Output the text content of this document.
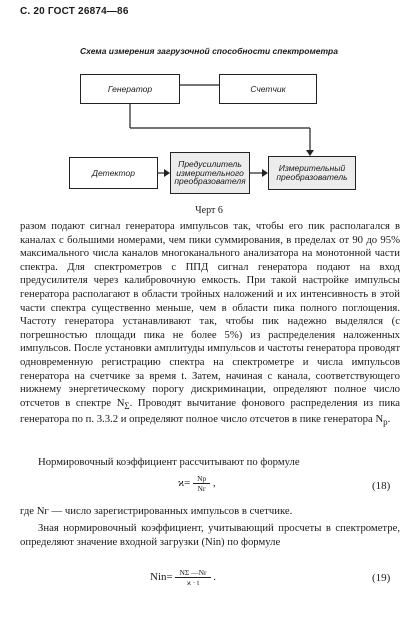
С. 20 ГОСТ 26874—86
Схема измерения загрузочной способности спектрометра
Генератор	Счетчик
Детектор
Предусилитель
измерительного
преобразователя
Измерительный
преобразователь
Черт 6

разом подают сигнал генератора импульсов так, чтобы его пик располагался в каналах с большими номерами, чем пики суммирования, в пределах от 90 до 95% максимального числа каналов многоканального анализатора на монотонной части спектра. Для спектрометров с ППД сигнал генератора подают на вход предусилителя через калибровочную емкость. При такой настройке импульсы генератора располагают в области тройных наложений и их интенсивность в этой части спектра существенно меньше, чем в области пика полного поглощения. Частоту генератора устанавливают так, чтобы пик надежно выделялся (с погрешностью площади пика не более 5%) из распределения наложенных импульсов. После установки амплитуды импульсов и частоты генератора проводят одновременную регистрацию спектра на спектрометре и числа импульсов генератора на счетчике за время t. Затем, начиная с канала, соответствующего нижнему энергетическому порогу дискриминации, определяют полное число отсчетов в спектре $N_\Sigma$. Проводят вычитание фонового распределения из пика генератора по п. 3.3.2 и определяют полное число отсчетов в пике генератора $N_р$.

Нормировочный коэффициент рассчитывают по формуле
$ϰ= \frac{Nр}{Nг}$ ,	(18)
где Nг — число зарегистрированных импульсов в счетчике.
Зная нормировочный коэффициент, учитывающий просчеты в спектрометре, определяют значение входной загрузки (Nin) по формуле
$Nin= \frac{N\Sigma —Nr}{ϰ \cdot t}$ .	(19)
